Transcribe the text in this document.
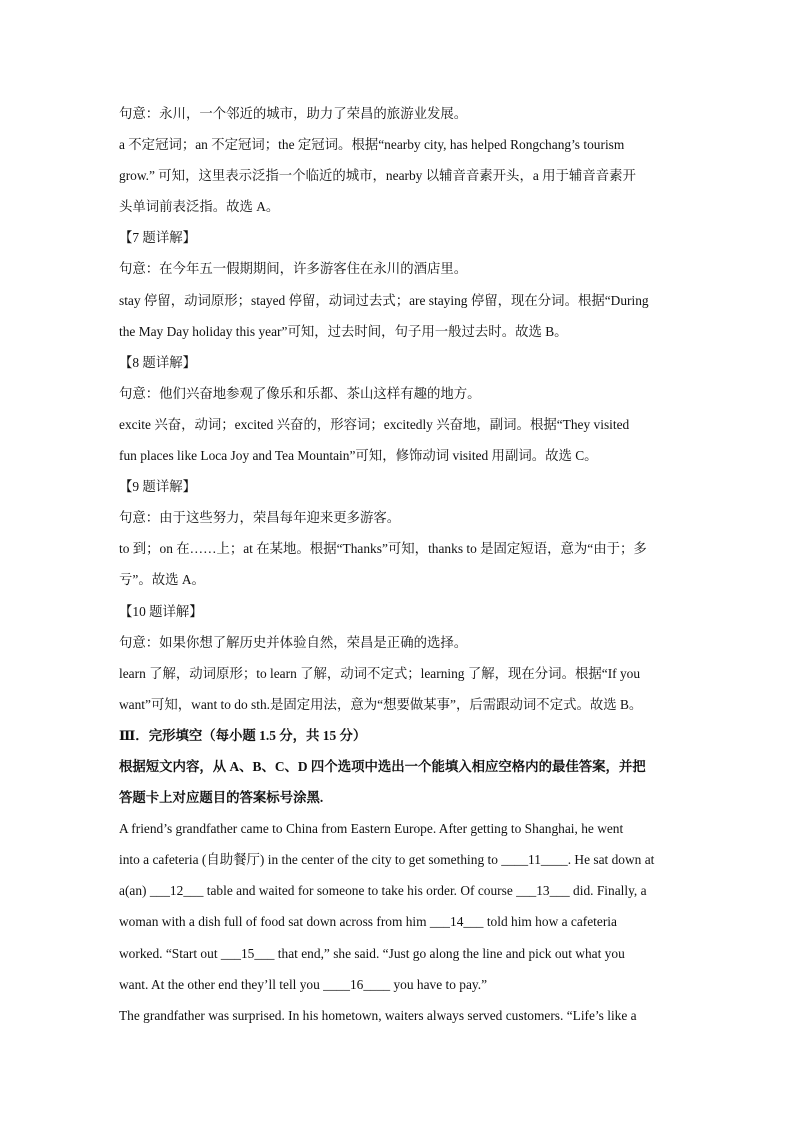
句意：永川，一个邻近的城市，助力了荣昌的旅游业发展。
a 不定冠词；an 不定冠词；the 定冠词。根据“nearby city, has helped Rongchang’s tourism
grow.” 可知，这里表示泛指一个临近的城市，nearby 以辅音音素开头，a 用于辅音音素开
头单词前表泛指。故选 A。
【7 题详解】
句意：在今年五一假期期间，许多游客住在永川的酒店里。
stay 停留，动词原形；stayed 停留，动词过去式；are staying 停留，现在分词。根据“During
the May Day holiday this year”可知，过去时间，句子用一般过去时。故选 B。
【8 题详解】
句意：他们兴奋地参观了像乐和乐都、茶山这样有趣的地方。
excite 兴奋，动词；excited 兴奋的，形容词；excitedly 兴奋地，副词。根据“They visited
fun places like Loca Joy and Tea Mountain”可知，修饰动词 visited 用副词。故选 C。
【9 题详解】
句意：由于这些努力，荣昌每年迎来更多游客。
to 到；on 在……上；at 在某地。根据“Thanks”可知，thanks to 是固定短语，意为“由于；多
亏”。故选 A。
【10 题详解】
句意：如果你想了解历史并体验自然，荣昌是正确的选择。
learn 了解，动词原形；to learn 了解，动词不定式；learning 了解，现在分词。根据“If you
want”可知，want to do sth.是固定用法，意为“想要做某事”，后需跟动词不定式。故选 B。
Ⅲ．完形填空（每小题 1.5 分，共 15 分）
根据短文内容，从 A、B、C、D 四个选项中选出一个能填入相应空格内的最佳答案，并把
答题卡上对应题目的答案标号涂黑.
A friend’s grandfather came to China from Eastern Europe. After getting to Shanghai, he went
into a cafeteria (自助餐厅) in the center of the city to get something to ____11____. He sat down at
a(an) ___12___ table and waited for someone to take his order. Of course ___13___ did. Finally, a
woman with a dish full of food sat down across from him ___14___ told him how a cafeteria
worked. “Start out ___15___ that end,” she said. “Just go along the line and pick out what you
want. At the other end they’ll tell you ____16____ you have to pay.”
The grandfather was surprised. In his hometown, waiters always served customers. “Life’s like a
